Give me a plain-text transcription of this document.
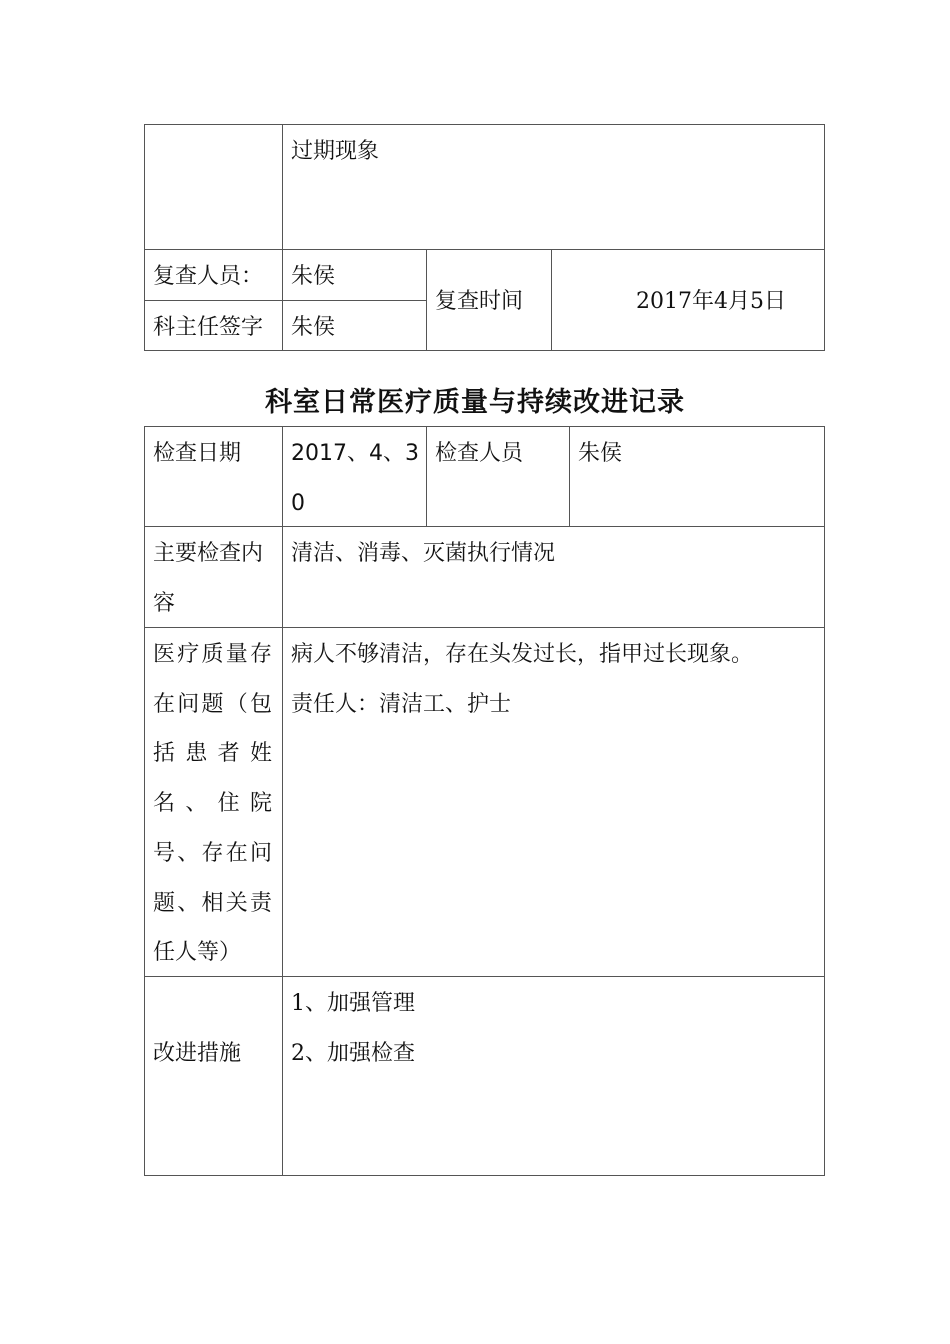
过期现象
复查人员： 朱侯
科主任签字 朱侯
复查时间	2017年4月5日
科室日常医疗质量与持续改进记录
检查日期 2017、4、3
0
检查人员 朱侯
主要检查内
容
清洁、消毒、灭菌执行情况
医疗质量存
在问题（包
括患者姓
名、住院
号、存在问
题、相关责
任人等）
病人不够清洁，存在头发过长，指甲过长现象。
责任人：清洁工、护士
改进措施
1、加强管理
2、加强检查
